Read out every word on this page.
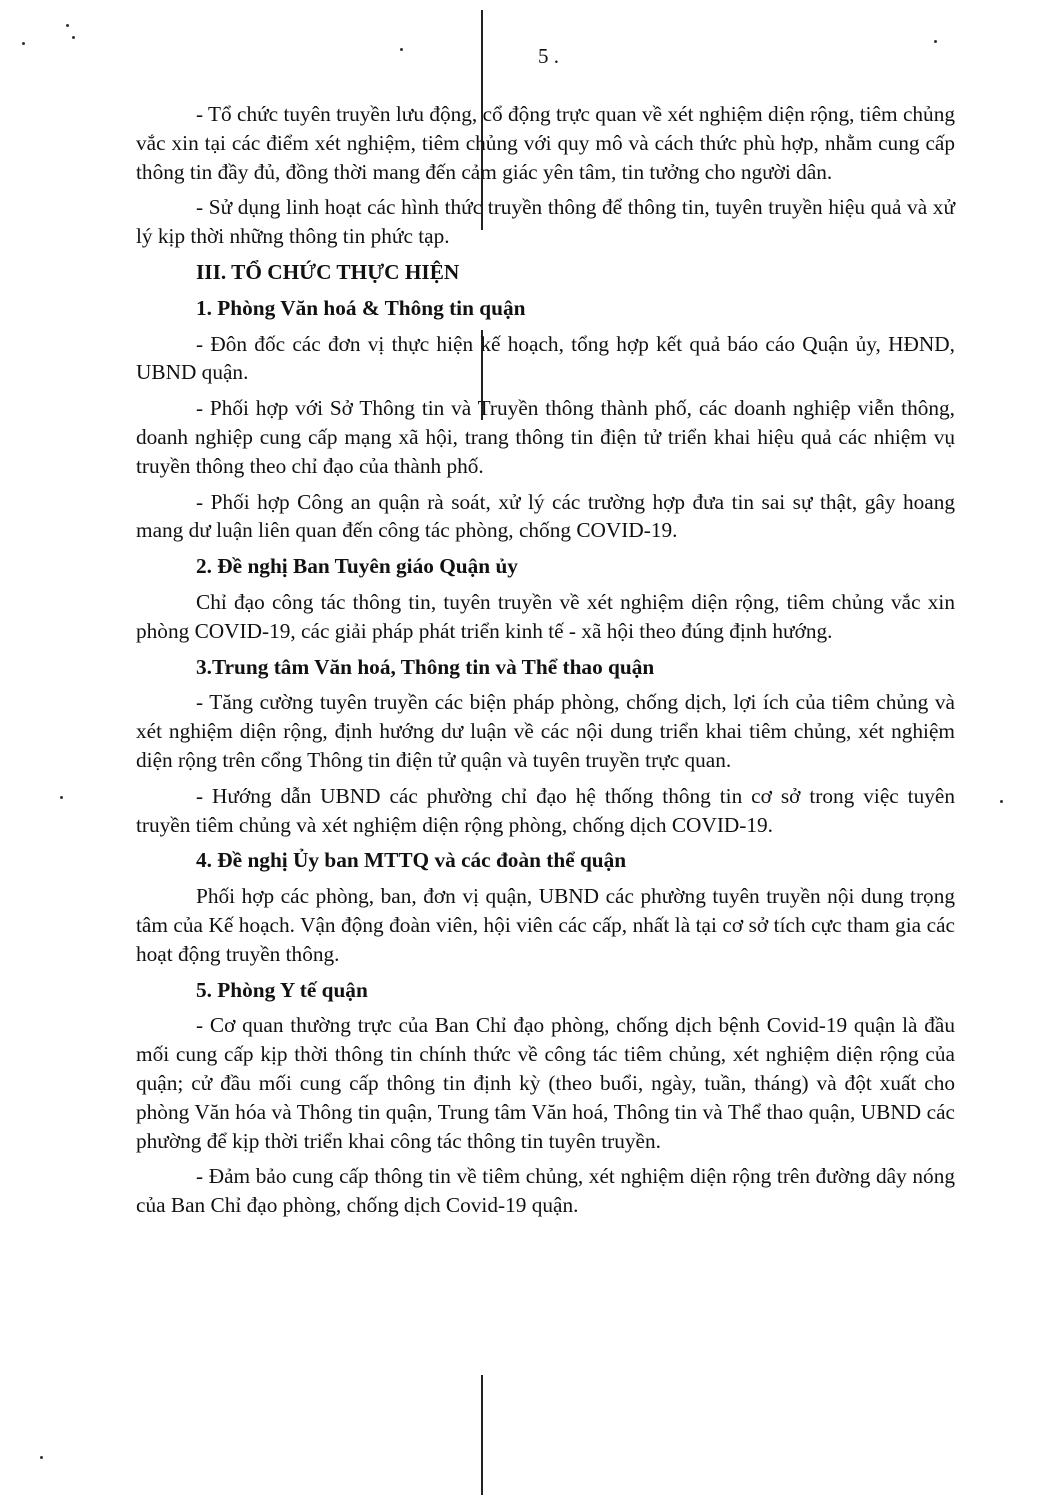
5 .

- Tổ chức tuyên truyền lưu động, cổ động trực quan về xét nghiệm diện rộng, tiêm chủng vắc xin tại các điểm xét nghiệm, tiêm chủng với quy mô và cách thức phù hợp, nhằm cung cấp thông tin đầy đủ, đồng thời mang đến cảm giác yên tâm, tin tưởng cho người dân.

- Sử dụng linh hoạt các hình thức truyền thông để thông tin, tuyên truyền hiệu quả và xử lý kịp thời những thông tin phức tạp.

III. TỔ CHỨC THỰC HIỆN

1. Phòng Văn hoá & Thông tin quận

- Đôn đốc các đơn vị thực hiện kế hoạch, tổng hợp kết quả báo cáo Quận ủy, HĐND, UBND quận.

- Phối hợp với Sở Thông tin và Truyền thông thành phố, các doanh nghiệp viễn thông, doanh nghiệp cung cấp mạng xã hội, trang thông tin điện tử triển khai hiệu quả các nhiệm vụ truyền thông theo chỉ đạo của thành phố.

- Phối hợp Công an quận rà soát, xử lý các trường hợp đưa tin sai sự thật, gây hoang mang dư luận liên quan đến công tác phòng, chống COVID-19.

2. Đề nghị Ban Tuyên giáo Quận ủy

Chỉ đạo công tác thông tin, tuyên truyền về xét nghiệm diện rộng, tiêm chủng vắc xin phòng COVID-19, các giải pháp phát triển kinh tế - xã hội theo đúng định hướng.

3.Trung tâm Văn hoá, Thông tin và Thể thao quận

- Tăng cường tuyên truyền các biện pháp phòng, chống dịch, lợi ích của tiêm chủng và xét nghiệm diện rộng, định hướng dư luận về các nội dung triển khai tiêm chủng, xét nghiệm diện rộng trên cổng Thông tin điện tử quận và tuyên truyền trực quan.

- Hướng dẫn UBND các phường chỉ đạo hệ thống thông tin cơ sở trong việc tuyên truyền tiêm chủng và xét nghiệm diện rộng phòng, chống dịch COVID-19.

4. Đề nghị Ủy ban MTTQ và các đoàn thể quận

Phối hợp các phòng, ban, đơn vị quận, UBND các phường tuyên truyền nội dung trọng tâm của Kế hoạch. Vận động đoàn viên, hội viên các cấp, nhất là tại cơ sở tích cực tham gia các hoạt động truyền thông.

5. Phòng Y tế quận

- Cơ quan thường trực của Ban Chỉ đạo phòng, chống dịch bệnh Covid-19 quận là đầu mối cung cấp kịp thời thông tin chính thức về công tác tiêm chủng, xét nghiệm diện rộng của quận; cử đầu mối cung cấp thông tin định kỳ (theo buổi, ngày, tuần, tháng) và đột xuất cho phòng Văn hóa và Thông tin quận, Trung tâm Văn hoá, Thông tin và Thể thao quận, UBND các phường để kịp thời triển khai công tác thông tin tuyên truyền.

- Đảm bảo cung cấp thông tin về tiêm chủng, xét nghiệm diện rộng trên đường dây nóng của Ban Chỉ đạo phòng, chống dịch Covid-19 quận.
